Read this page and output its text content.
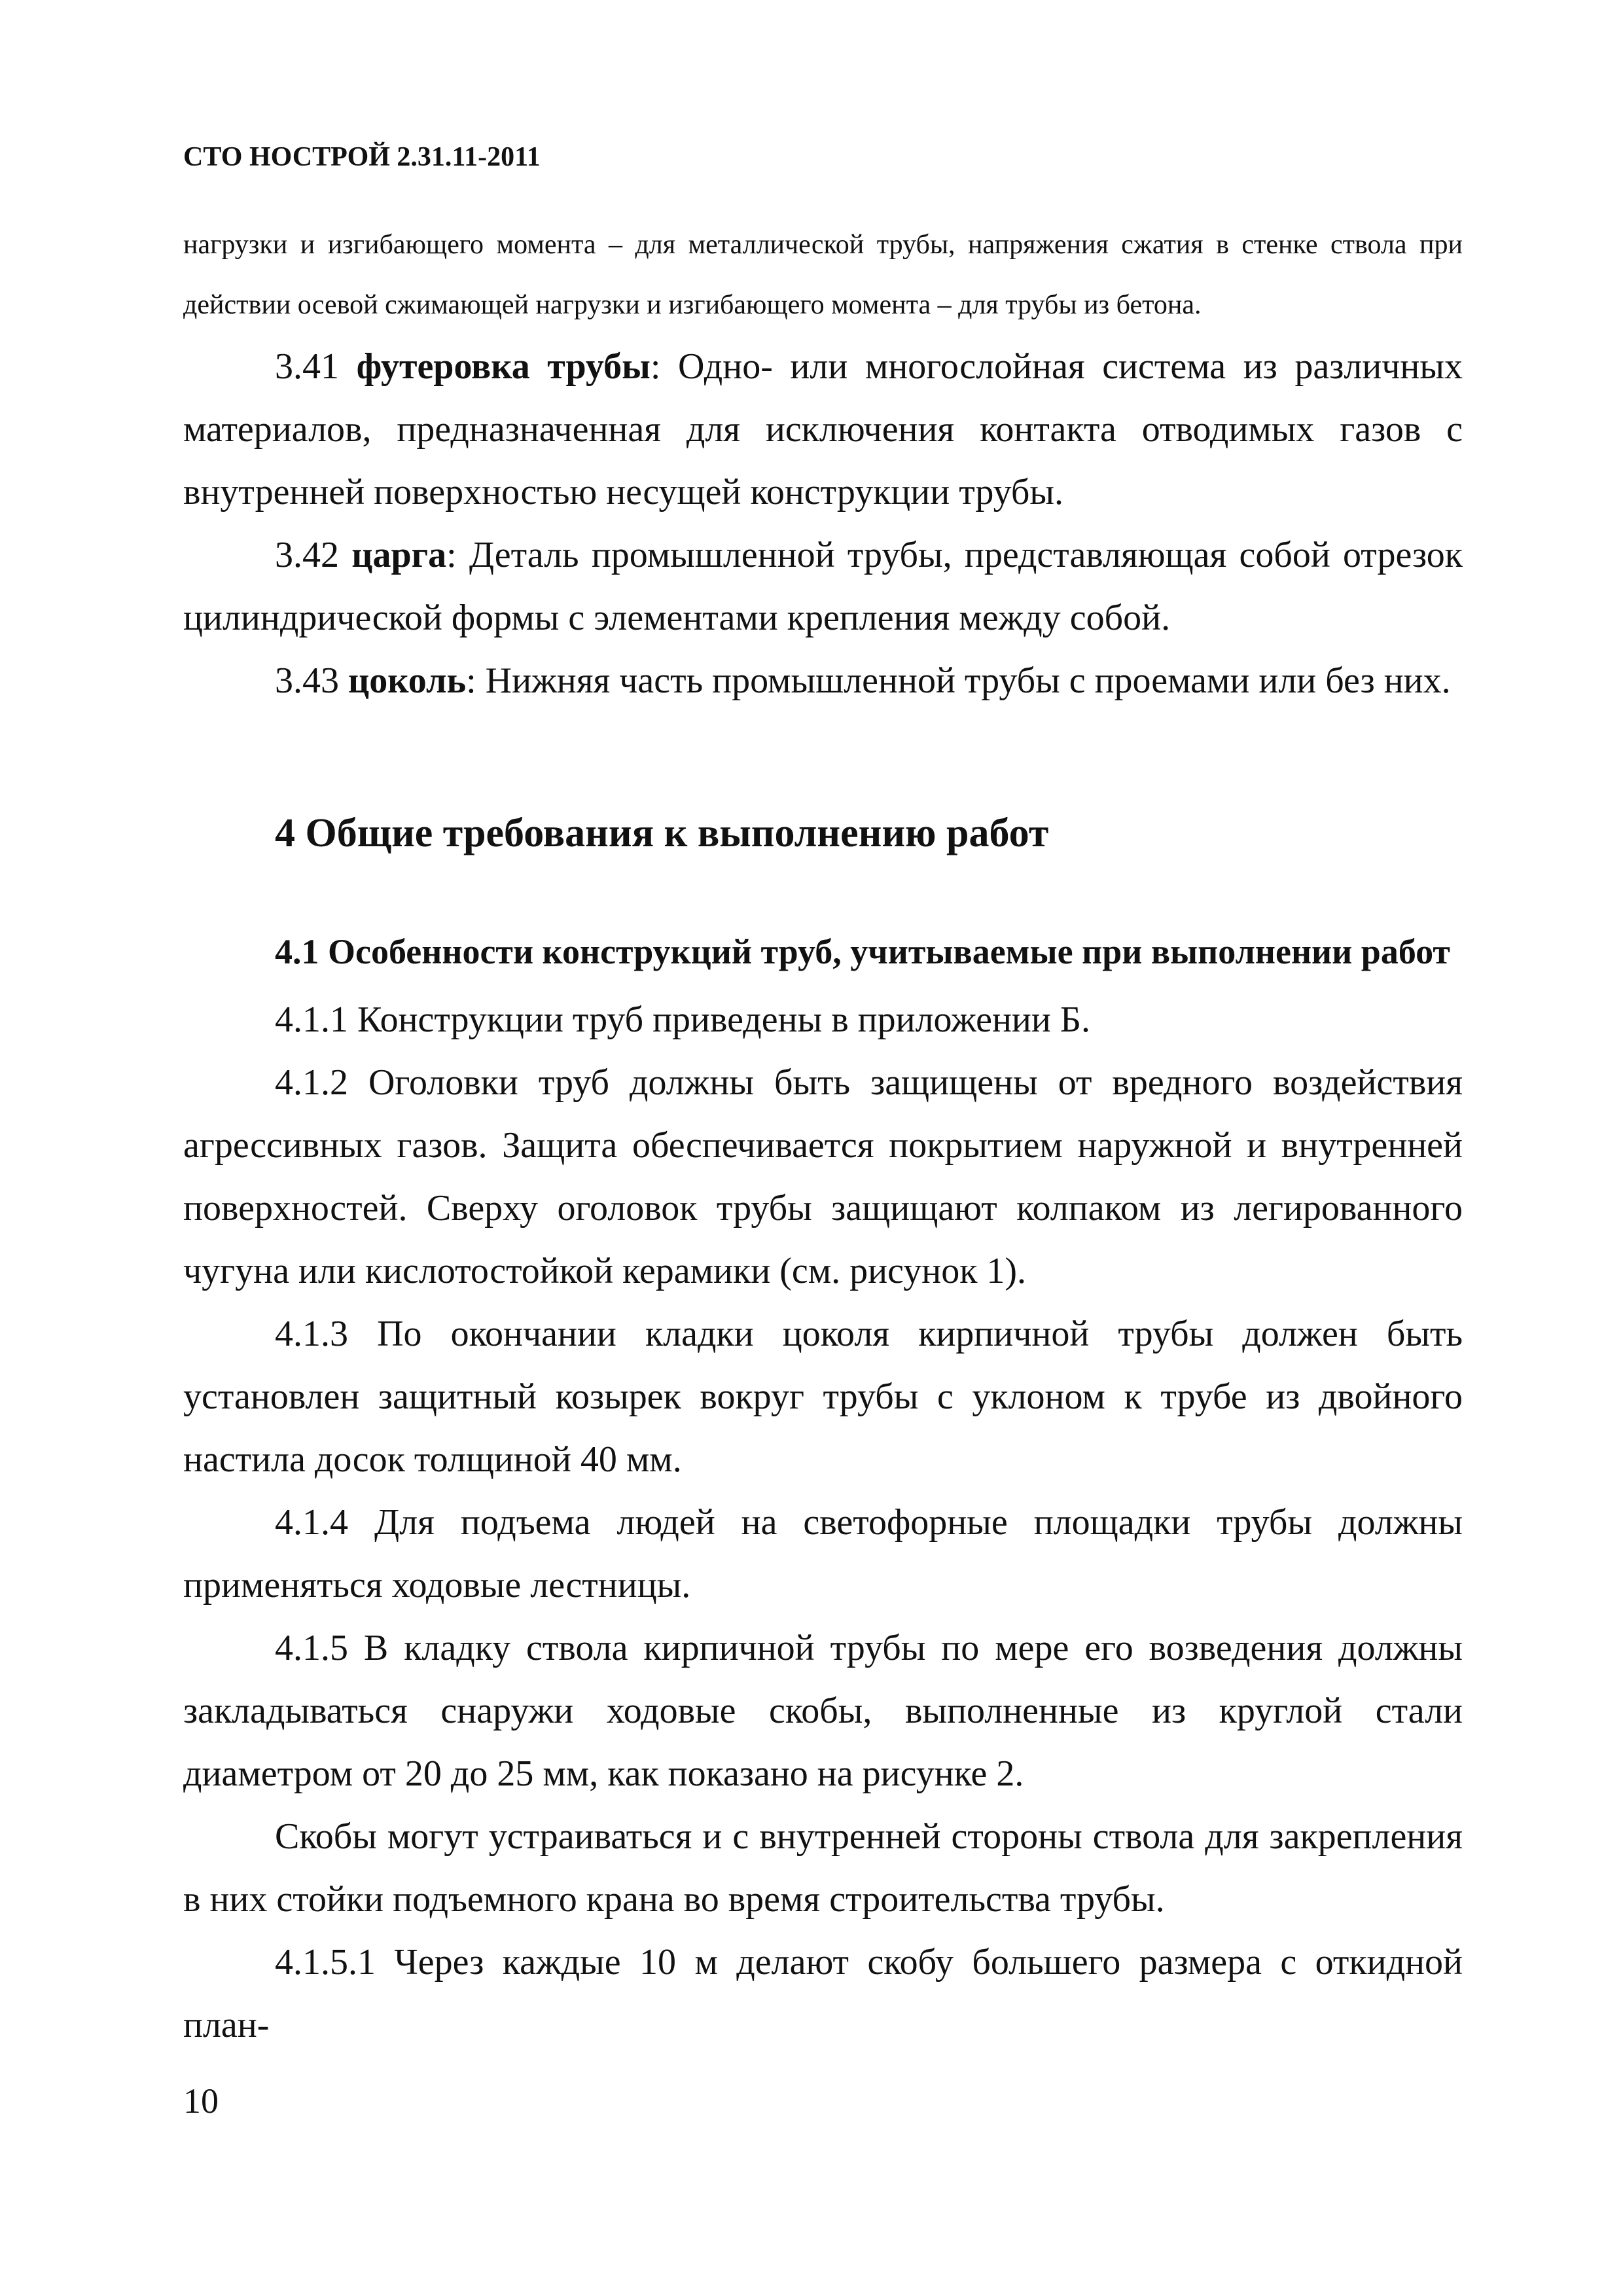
СТО НОСТРОЙ 2.31.11-2011
нагрузки и изгибающего момента – для металлической трубы, напряжения сжатия в стенке ствола при действии осевой сжимающей нагрузки и изгибающего момента – для трубы из бетона.

3.41 футеровка трубы: Одно- или многослойная система из различных материалов, предназначенная для исключения контакта отводимых газов с внутренней поверхностью несущей конструкции трубы.

3.42 царга: Деталь промышленной трубы, представляющая собой отрезок цилиндрической формы с элементами крепления между собой.

3.43 цоколь: Нижняя часть промышленной трубы с проемами или без них.

4 Общие требования к выполнению работ
4.1 Особенности конструкций труб, учитываемые при выполнении работ

4.1.1 Конструкции труб приведены в приложении Б.

4.1.2 Оголовки труб должны быть защищены от вредного воздействия агрессивных газов. Защита обеспечивается покрытием наружной и внутренней поверхностей. Сверху оголовок трубы защищают колпаком из легированного чугуна или кислотостойкой керамики (см. рисунок 1).

4.1.3 По окончании кладки цоколя кирпичной трубы должен быть установлен защитный козырек вокруг трубы с уклоном к трубе из двойного настила досок толщиной 40 мм.

4.1.4 Для подъема людей на светофорные площадки трубы должны применяться ходовые лестницы.

4.1.5 В кладку ствола кирпичной трубы по мере его возведения должны закладываться снаружи ходовые скобы, выполненные из круглой стали диаметром от 20 до 25 мм, как показано на рисунке 2.

Скобы могут устраиваться и с внутренней стороны ствола для закрепления в них стойки подъемного крана во время строительства трубы.

4.1.5.1 Через каждые 10 м делают скобу большего размера с откидной план-

10
